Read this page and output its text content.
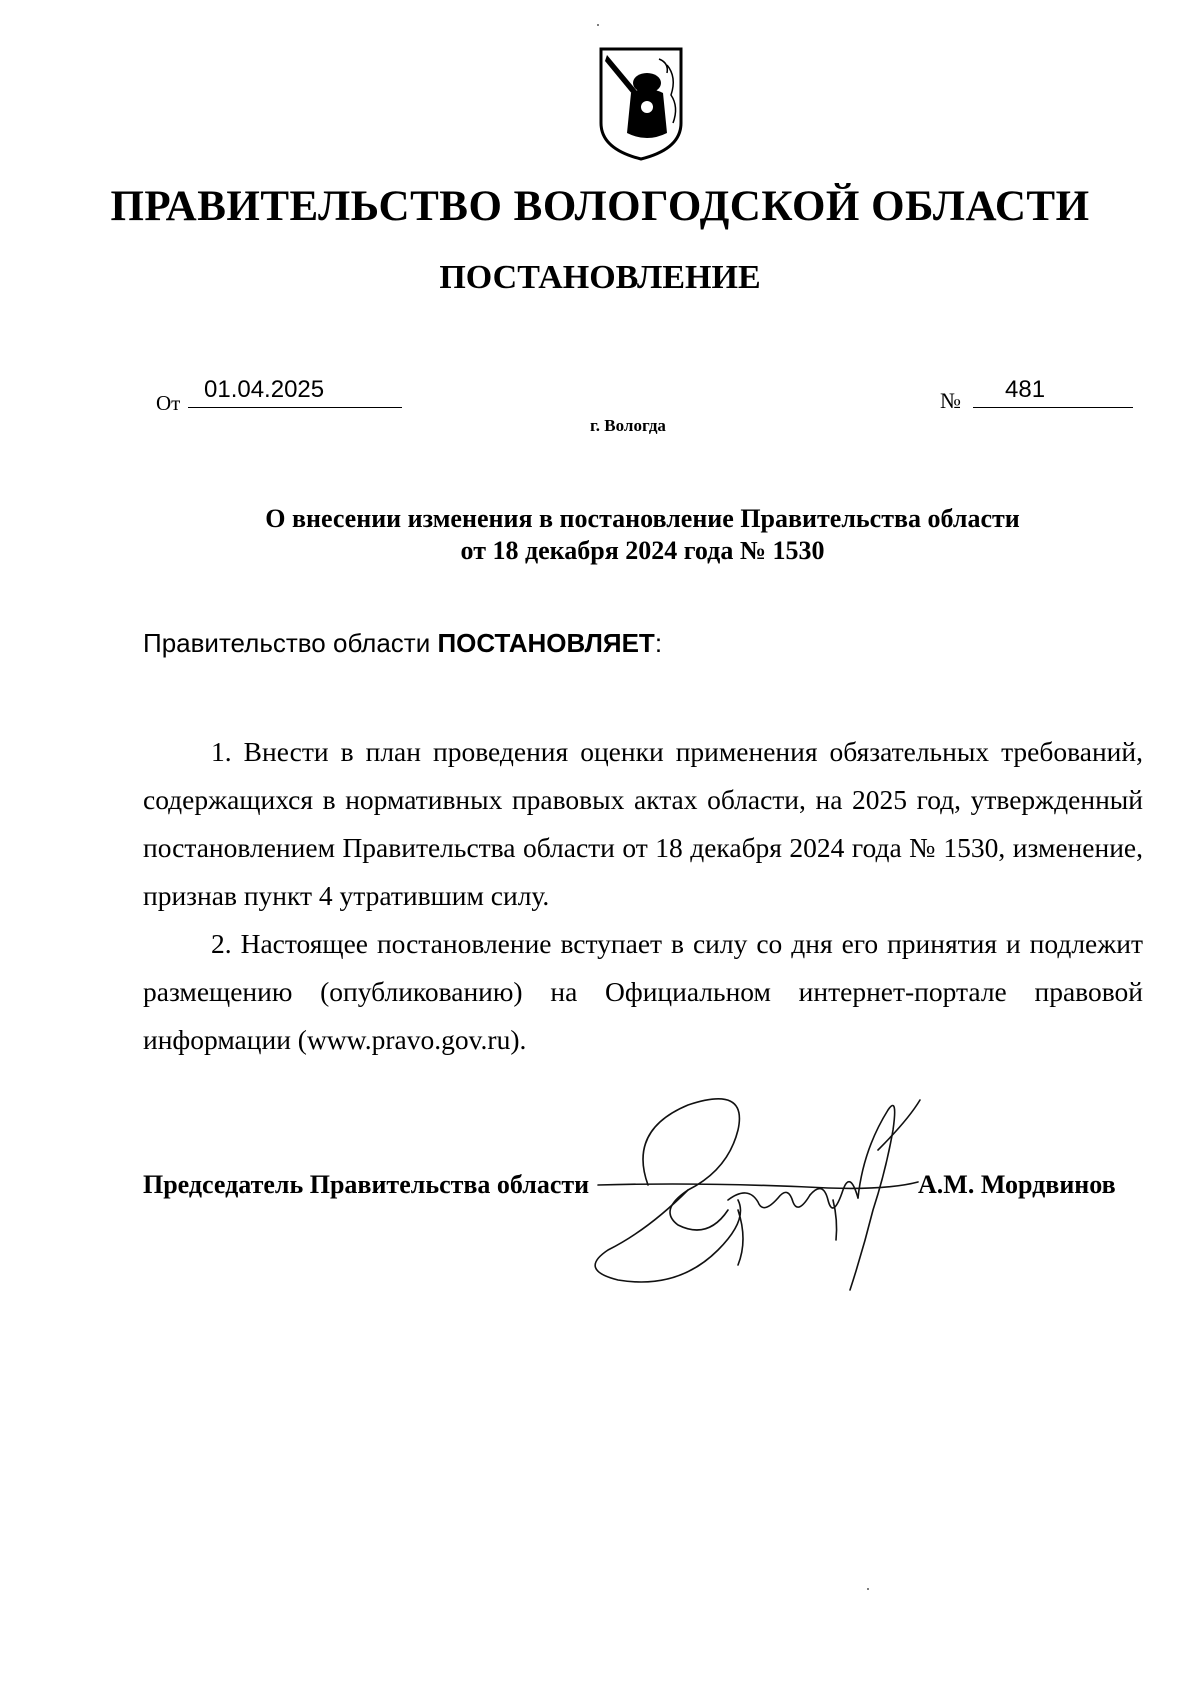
ПРАВИТЕЛЬСТВО ВОЛОГОДСКОЙ ОБЛАСТИ
ПОСТАНОВЛЕНИЕ
От 01.04.2025	№	481
г. Вологда
О внесении изменения в постановление Правительства области
от 18 декабря 2024 года № 1530
Правительство области ПОСТАНОВЛЯЕТ:

1. Внести в план проведения оценки применения обязательных требований, содержащихся в нормативных правовых актах области, на 2025 год, утвержденный постановлением Правительства области от 18 декабря 2024 года № 1530, изменение, признав пункт 4 утратившим силу.

2. Настоящее постановление вступает в силу со дня его принятия и подлежит размещению (опубликованию) на Официальном интернет-портале правовой информации (www.pravo.gov.ru).

Председатель Правительства области	А.М. Мордвинов
